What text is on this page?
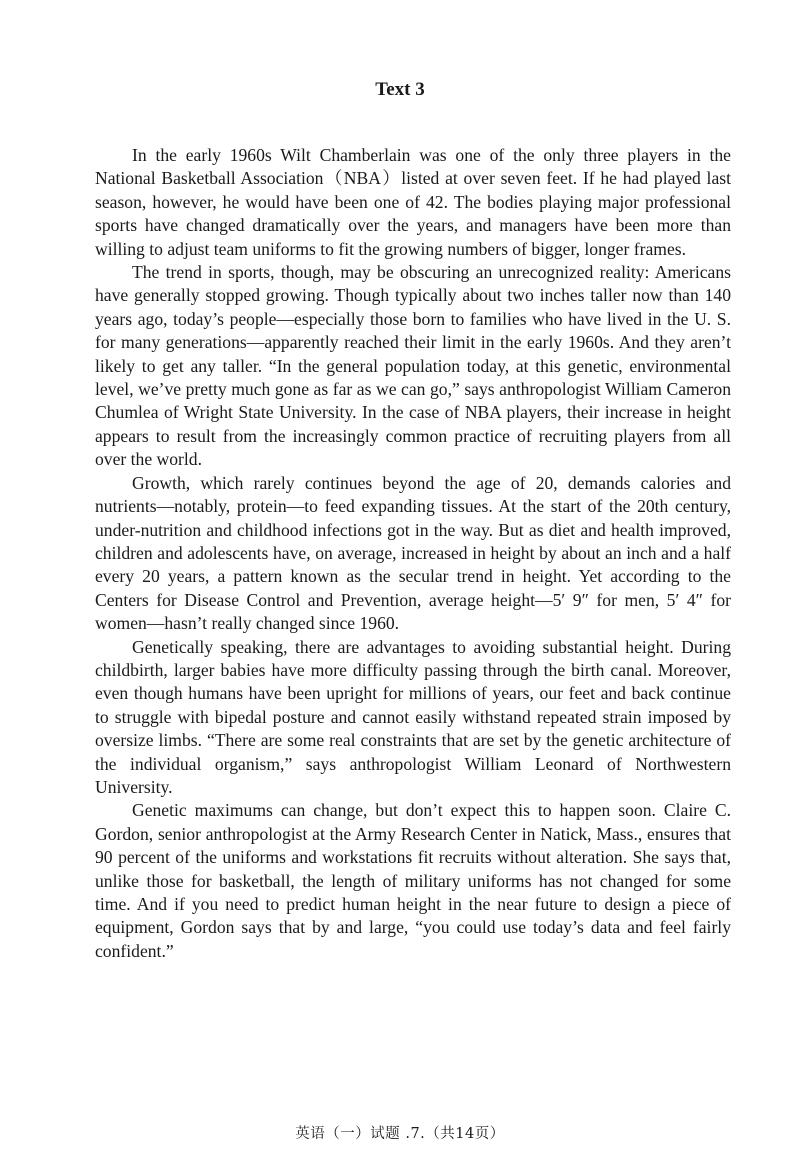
Text 3

In the early 1960s Wilt Chamberlain was one of the only three players in the National Basketball Association（NBA）listed at over seven feet. If he had played last season, however, he would have been one of 42. The bodies playing major professional sports have changed dramatically over the years, and managers have been more than willing to adjust team uniforms to fit the growing numbers of bigger, longer frames.

The trend in sports, though, may be obscuring an unrecognized reality: Americans have generally stopped growing. Though typically about two inches taller now than 140 years ago, today’s people—especially those born to families who have lived in the U. S. for many generations—apparently reached their limit in the early 1960s. And they aren’t likely to get any taller. “In the general population today, at this genetic, environmental level, we’ve pretty much gone as far as we can go,” says anthropologist William Cameron Chumlea of Wright State University. In the case of NBA players, their increase in height appears to result from the increasingly common practice of recruiting players from all over the world.

Growth, which rarely continues beyond the age of 20, demands calories and nutrients—notably, protein—to feed expanding tissues. At the start of the 20th century, under-nutrition and childhood infections got in the way. But as diet and health improved, children and adolescents have, on average, increased in height by about an inch and a half every 20 years, a pattern known as the secular trend in height. Yet according to the Centers for Disease Control and Prevention, average height—5′ 9″ for men, 5′ 4″ for women—hasn’t really changed since 1960.

Genetically speaking, there are advantages to avoiding substantial height. During childbirth, larger babies have more difficulty passing through the birth canal. Moreover, even though humans have been upright for millions of years, our feet and back continue to struggle with bipedal posture and cannot easily withstand repeated strain imposed by oversize limbs. “There are some real constraints that are set by the genetic architecture of the individual organism,” says anthropologist William Leonard of Northwestern University.

Genetic maximums can change, but don’t expect this to happen soon. Claire C. Gordon, senior anthropologist at the Army Research Center in Natick, Mass., ensures that 90 percent of the uniforms and workstations fit recruits without alteration. She says that, unlike those for basketball, the length of military uniforms has not changed for some time. And if you need to predict human height in the near future to design a piece of equipment, Gordon says that by and large, “you could use today’s data and feel fairly confident.”

英语（一）试题 .7.（共14页）
